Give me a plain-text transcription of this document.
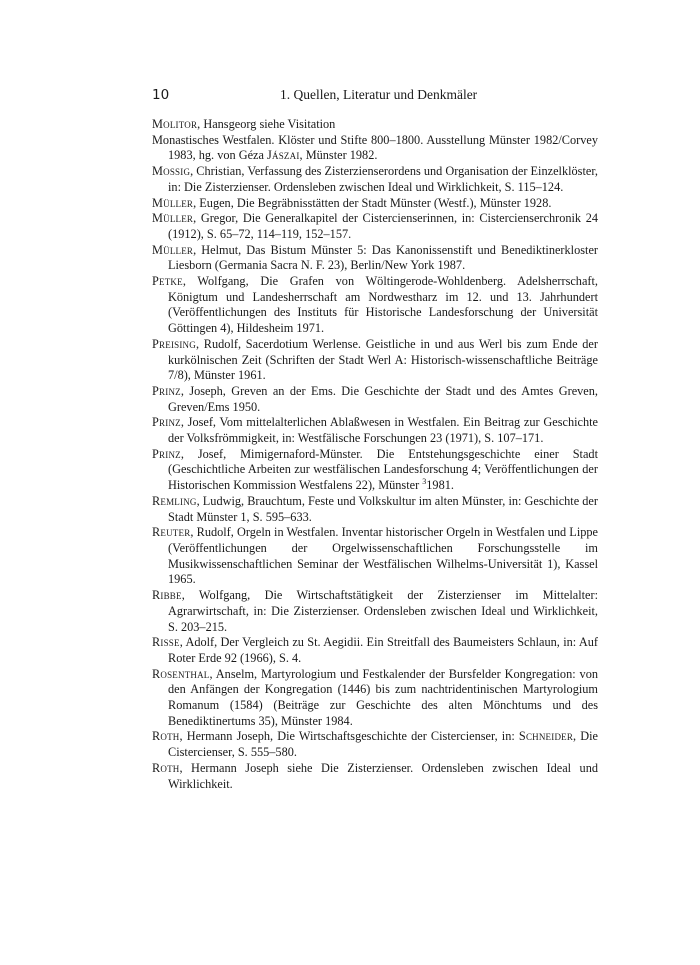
10	1. Quellen, Literatur und Denkmäler

Molitor, Hansgeorg siehe Visitation

Monastisches Westfalen. Klöster und Stifte 800–1800. Ausstellung Münster 1982/Corvey 1983, hg. von Géza Jászai, Münster 1982.

Mossig, Christian, Verfassung des Zisterzienserordens und Organisation der Einzelklöster, in: Die Zisterzienser. Ordensleben zwischen Ideal und Wirklichkeit, S. 115–124.

Müller, Eugen, Die Begräbnisstätten der Stadt Münster (Westf.), Münster 1928.

Müller, Gregor, Die Generalkapitel der Cistercienserinnen, in: Cistercienserchronik 24 (1912), S. 65–72, 114–119, 152–157.

Müller, Helmut, Das Bistum Münster 5: Das Kanonissenstift und Benediktinerkloster Liesborn (Germania Sacra N. F. 23), Berlin/New York 1987.

Petke, Wolfgang, Die Grafen von Wöltingerode-Wohldenberg. Adelsherrschaft, Königtum und Landesherrschaft am Nordwestharz im 12. und 13. Jahrhundert (Veröffentlichungen des Instituts für Historische Landesforschung der Universität Göttingen 4), Hildesheim 1971.

Preising, Rudolf, Sacerdotium Werlense. Geistliche in und aus Werl bis zum Ende der kurkölnischen Zeit (Schriften der Stadt Werl A: Historisch-wissenschaftliche Beiträge 7/8), Münster 1961.

Prinz, Joseph, Greven an der Ems. Die Geschichte der Stadt und des Amtes Greven, Greven/Ems 1950.

Prinz, Josef, Vom mittelalterlichen Ablaßwesen in Westfalen. Ein Beitrag zur Geschichte der Volksfrömmigkeit, in: Westfälische Forschungen 23 (1971), S. 107–171.

Prinz, Josef, Mimigernaford-Münster. Die Entstehungsgeschichte einer Stadt (Geschichtliche Arbeiten zur westfälischen Landesforschung 4; Veröffentlichungen der Historischen Kommission Westfalens 22), Münster $^3$1981.

Remling, Ludwig, Brauchtum, Feste und Volkskultur im alten Münster, in: Geschichte der Stadt Münster 1, S. 595–633.

Reuter, Rudolf, Orgeln in Westfalen. Inventar historischer Orgeln in Westfalen und Lippe (Veröffentlichungen der Orgelwissenschaftlichen Forschungsstelle im Musikwissenschaftlichen Seminar der Westfälischen Wilhelms-Universität 1), Kassel 1965.

Ribbe, Wolfgang, Die Wirtschaftstätigkeit der Zisterzienser im Mittelalter: Agrarwirtschaft, in: Die Zisterzienser. Ordensleben zwischen Ideal und Wirklichkeit, S. 203–215.

Risse, Adolf, Der Vergleich zu St. Aegidii. Ein Streitfall des Baumeisters Schlaun, in: Auf Roter Erde 92 (1966), S. 4.

Rosenthal, Anselm, Martyrologium und Festkalender der Bursfelder Kongregation: von den Anfängen der Kongregation (1446) bis zum nachtridentinischen Martyrologium Romanum (1584) (Beiträge zur Geschichte des alten Mönchtums und des Benediktinertums 35), Münster 1984.

Roth, Hermann Joseph, Die Wirtschaftsgeschichte der Cistercienser, in: Schneider, Die Cistercienser, S. 555–580.

Roth, Hermann Joseph siehe Die Zisterzienser. Ordensleben zwischen Ideal und Wirklichkeit.
